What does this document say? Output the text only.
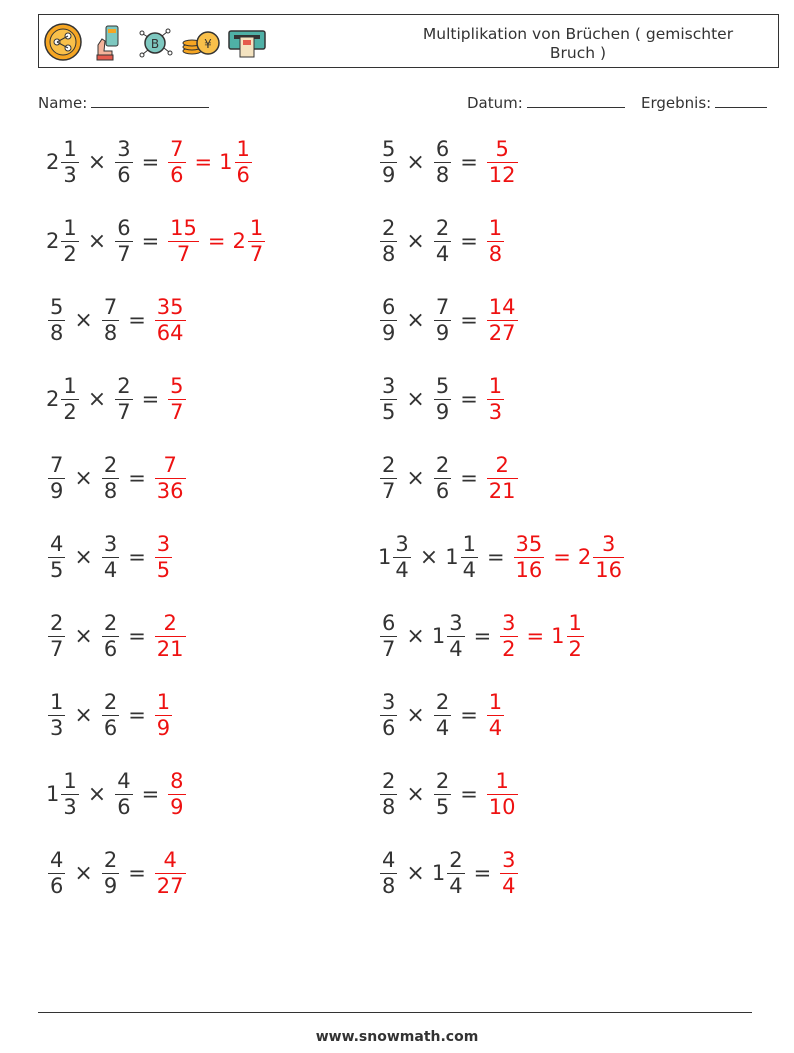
B	¥
Multiplikation von Brüchen ( gemischter Bruch )
Name:	Datum:	Ergebnis:
$2 \frac{1}{3} \times \frac{3}{6} = \frac{7}{6} = 1 \frac{1}{6}$	$\frac{5}{9} \times \frac{6}{8} = \frac{5}{12}$
$2 \frac{1}{2} \times \frac{6}{7} = \frac{15}{7} = 2 \frac{1}{7}$	$\frac{2}{8} \times \frac{2}{4} = \frac{1}{8}$
$\frac{5}{8} \times \frac{7}{8} = \frac{35}{64}$	$\frac{6}{9} \times \frac{7}{9} = \frac{14}{27}$
$2 \frac{1}{2} \times \frac{2}{7} = \frac{5}{7}$	$\frac{3}{5} \times \frac{5}{9} = \frac{1}{3}$
$\frac{7}{9} \times \frac{2}{8} = \frac{7}{36}$	$\frac{2}{7} \times \frac{2}{6} = \frac{2}{21}$
$\frac{4}{5} \times \frac{3}{4} = \frac{3}{5}$	$1 \frac{3}{4} \times 1 \frac{1}{4} = \frac{35}{16} = 2 \frac{3}{16}$
$\frac{2}{7} \times \frac{2}{6} = \frac{2}{21}$	$\frac{6}{7} \times 1 \frac{3}{4} = \frac{3}{2} = 1 \frac{1}{2}$
$\frac{1}{3} \times \frac{2}{6} = \frac{1}{9}$	$\frac{3}{6} \times \frac{2}{4} = \frac{1}{4}$
$1 \frac{1}{3} \times \frac{4}{6} = \frac{8}{9}$	$\frac{2}{8} \times \frac{2}{5} = \frac{1}{10}$
$\frac{4}{6} \times \frac{2}{9} = \frac{4}{27}$	$\frac{4}{8} \times 1 \frac{2}{4} = \frac{3}{4}$
www.snowmath.com
